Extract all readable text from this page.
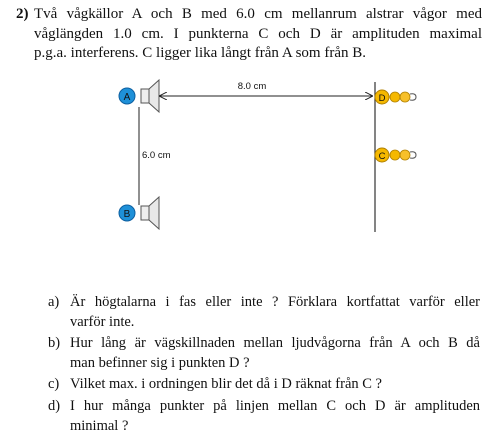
2) Två vågkällor A och B med 6.0 cm mellanrum alstrar vågor med
våglängden 1.0 cm. I punkterna C och D är amplituden maximal
p.g.a. interferens. C ligger lika långt från A som från B.
A
B
8.0 cm
6.0 cm
D
C
a) Är högtalarna i fas eller inte ? Förklara kortfattat varför eller
varför inte.
b) Hur lång är vägskillnaden mellan ljudvågorna från A och B då
man befinner sig i punkten D ?
c) Vilket max. i ordningen blir det då i D räknat från C ?
d) I hur många punkter på linjen mellan C och D är amplituden
minimal ?
